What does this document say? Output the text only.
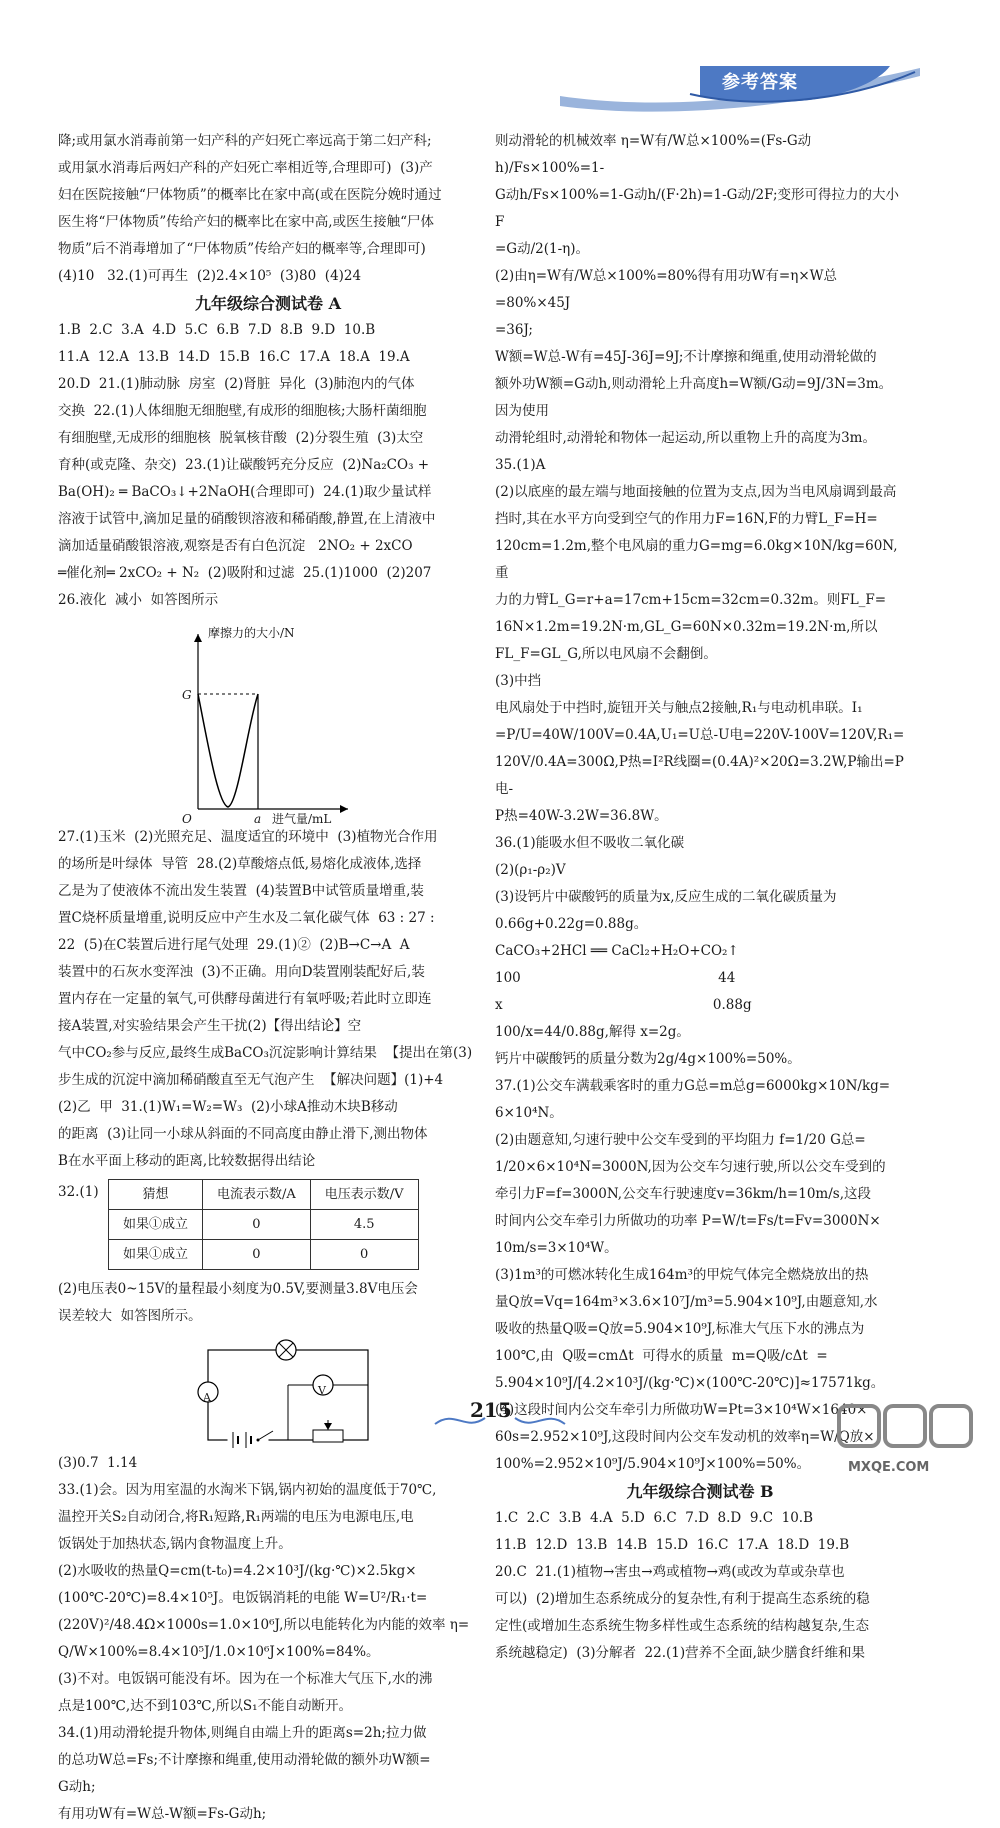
参考答案
降;或用氯水消毒前第一妇产科的产妇死亡率远高于第二妇产科;
或用氯水消毒后两妇产科的产妇死亡率相近等,合理即可)  (3)产
妇在医院接触“尸体物质”的概率比在家中高(或在医院分娩时通过
医生将“尸体物质”传给产妇的概率比在家中高,或医生接触“尸体
物质”后不消毒增加了“尸体物质”传给产妇的概率等,合理即可)
(4)10   32.(1)可再生  (2)2.4×10⁵  (3)80  (4)24
九年级综合测试卷 A
1.B  2.C  3.A  4.D  5.C  6.B  7.D  8.B  9.D  10.B
11.A  12.A  13.B  14.D  15.B  16.C  17.A  18.A  19.A
20.D  21.(1)肺动脉  房室  (2)肾脏  异化  (3)肺泡内的气体
交换  22.(1)人体细胞无细胞壁,有成形的细胞核;大肠杆菌细胞
有细胞壁,无成形的细胞核  脱氧核苷酸  (2)分裂生殖  (3)太空
育种(或克隆、杂交)  23.(1)让碳酸钙充分反应  (2)Na₂CO₃ +
Ba(OH)₂ ═ BaCO₃↓+2NaOH(合理即可)  24.(1)取少量试样
溶液于试管中,滴加足量的硝酸钡溶液和稀硝酸,静置,在上清液中
滴加适量硝酸银溶液,观察是否有白色沉淀   2NO₂ + 2xCO
═催化剂═ 2xCO₂ + N₂  (2)吸附和过滤  25.(1)1000  (2)207
26.液化  减小  如答图所示
摩擦力的大小/N
G
O	a 进气量/mL
27.(1)玉米  (2)光照充足、温度适宜的环境中  (3)植物光合作用
的场所是叶绿体  导管  28.(2)草酸熔点低,易熔化成液体,选择
乙是为了使液体不流出发生装置  (4)装置B中试管质量增重,装
置C烧杯质量增重,说明反应中产生水及二氧化碳气体  63 : 27 :
22  (5)在C装置后进行尾气处理  29.(1)②  (2)B→C→A  A
装置中的石灰水变浑浊  (3)不正确。用向D装置刚装配好后,装
置内存在一定量的氧气,可供酵母菌进行有氧呼吸;若此时立即连
接A装置,对实验结果会产生干扰(2)【得出结论】空
气中CO₂参与反应,最终生成BaCO₃沉淀影响计算结果  【提出在第(3)
步生成的沉淀中滴加稀硝酸直至无气泡产生  【解决问题】(1)+4
(2)乙  甲  31.(1)W₁=W₂=W₃  (2)小球A推动木块B移动
的距离  (3)让同一小球从斜面的不同高度由静止滑下,测出物体
B在水平面上移动的距离,比较数据得出结论
32.(1)	猜想	电流表示数/A	电压表示数/V
如果①成立	0	4.5
如果①成立	0	0
(2)电压表0~15V的量程最小刻度为0.5V,要测量3.8V电压会
误差较大  如答图所示。
A
V
(3)0.7  1.14
33.(1)会。因为用室温的水淘米下锅,锅内初始的温度低于70℃,
温控开关S₂自动闭合,将R₁短路,R₁两端的电压为电源电压,电
饭锅处于加热状态,锅内食物温度上升。
(2)水吸收的热量Q=cm(t-t₀)=4.2×10³J/(kg·℃)×2.5kg×
(100℃-20℃)=8.4×10⁵J。电饭锅消耗的电能 W=U²/R₁·t=
(220V)²/48.4Ω×1000s=1.0×10⁶J,所以电能转化为内能的效率 η=
Q/W×100%=8.4×10⁵J/1.0×10⁶J×100%=84%。
(3)不对。电饭锅可能没有坏。因为在一个标准大气压下,水的沸
点是100℃,达不到103℃,所以S₁不能自动断开。
34.(1)用动滑轮提升物体,则绳自由端上升的距离s=2h;拉力做
的总功W总=Fs;不计摩擦和绳重,使用动滑轮做的额外功W额=
G动h;
有用功W有=W总-W额=Fs-G动h;
则动滑轮的机械效率 η=W有/W总×100%=(Fs-G动h)/Fs×100%=1-
G动h/Fs×100%=1-G动h/(F·2h)=1-G动/2F;变形可得拉力的大小 F
=G动/2(1-η)。
(2)由η=W有/W总×100%=80%得有用功W有=η×W总=80%×45J
=36J;
W额=W总-W有=45J-36J=9J;不计摩擦和绳重,使用动滑轮做的
额外功W额=G动h,则动滑轮上升高度h=W额/G动=9J/3N=3m。因为使用
动滑轮组时,动滑轮和物体一起运动,所以重物上升的高度为3m。
35.(1)A
(2)以底座的最左端与地面接触的位置为支点,因为当电风扇调到最高
挡时,其在水平方向受到空气的作用力F=16N,F的力臂L_F=H=
120cm=1.2m,整个电风扇的重力G=mg=6.0kg×10N/kg=60N,重
力的力臂L_G=r+a=17cm+15cm=32cm=0.32m。则FL_F=
16N×1.2m=19.2N·m,GL_G=60N×0.32m=19.2N·m,所以
FL_F=GL_G,所以电风扇不会翻倒。
(3)中挡
电风扇处于中挡时,旋钮开关与触点2接触,R₁与电动机串联。I₁
=P/U=40W/100V=0.4A,U₁=U总-U电=220V-100V=120V,R₁=
120V/0.4A=300Ω,P热=I²R线圈=(0.4A)²×20Ω=3.2W,P输出=P电-
P热=40W-3.2W=36.8W。
36.(1)能吸水但不吸收二氧化碳
(2)(ρ₁-ρ₂)V
(3)设钙片中碳酸钙的质量为x,反应生成的二氧化碳质量为
0.66g+0.22g=0.88g。
CaCO₃+2HCl ══ CaCl₂+H₂O+CO₂↑
100                                              44
x                                                 0.88g
100/x=44/0.88g,解得 x=2g。
钙片中碳酸钙的质量分数为2g/4g×100%=50%。
37.(1)公交车满载乘客时的重力G总=m总g=6000kg×10N/kg=
6×10⁴N。
(2)由题意知,匀速行驶中公交车受到的平均阻力 f=1/20 G总=
1/20×6×10⁴N=3000N,因为公交车匀速行驶,所以公交车受到的
牵引力F=f=3000N,公交车行驶速度v=36km/h=10m/s,这段
时间内公交车牵引力所做功的功率 P=W/t=Fs/t=Fv=3000N×
10m/s=3×10⁴W。
(3)1m³的可燃冰转化生成164m³的甲烷气体完全燃烧放出的热
量Q放=Vq=164m³×3.6×10⁷J/m³=5.904×10⁹J,由题意知,水
吸收的热量Q吸=Q放=5.904×10⁹J,标准大气压下水的沸点为
100℃,由  Q吸=cmΔt  可得水的质量  m=Q吸/cΔt  =
5.904×10⁹J/[4.2×10³J/(kg·℃)×(100℃-20℃)]≈17571kg。
(4)这段时间内公交车牵引力所做功W=Pt=3×10⁴W×1640×
60s=2.952×10⁹J,这段时间内公交车发动机的效率η=W/Q放×
100%=2.952×10⁹J/5.904×10⁹J×100%=50%。
九年级综合测试卷 B
1.C  2.C  3.B  4.A  5.D  6.C  7.D  8.D  9.C  10.B
11.B  12.D  13.B  14.B  15.D  16.C  17.A  18.D  19.B
20.C  21.(1)植物→害虫→鸡或植物→鸡(或改为草或杂草也
可以)  (2)增加生态系统成分的复杂性,有利于提高生态系统的稳
定性(或增加生态系统生物多样性或生态系统的结构越复杂,生态
系统越稳定)  (3)分解者  22.(1)营养不全面,缺少膳食纤维和果
215
MXQE.COM
